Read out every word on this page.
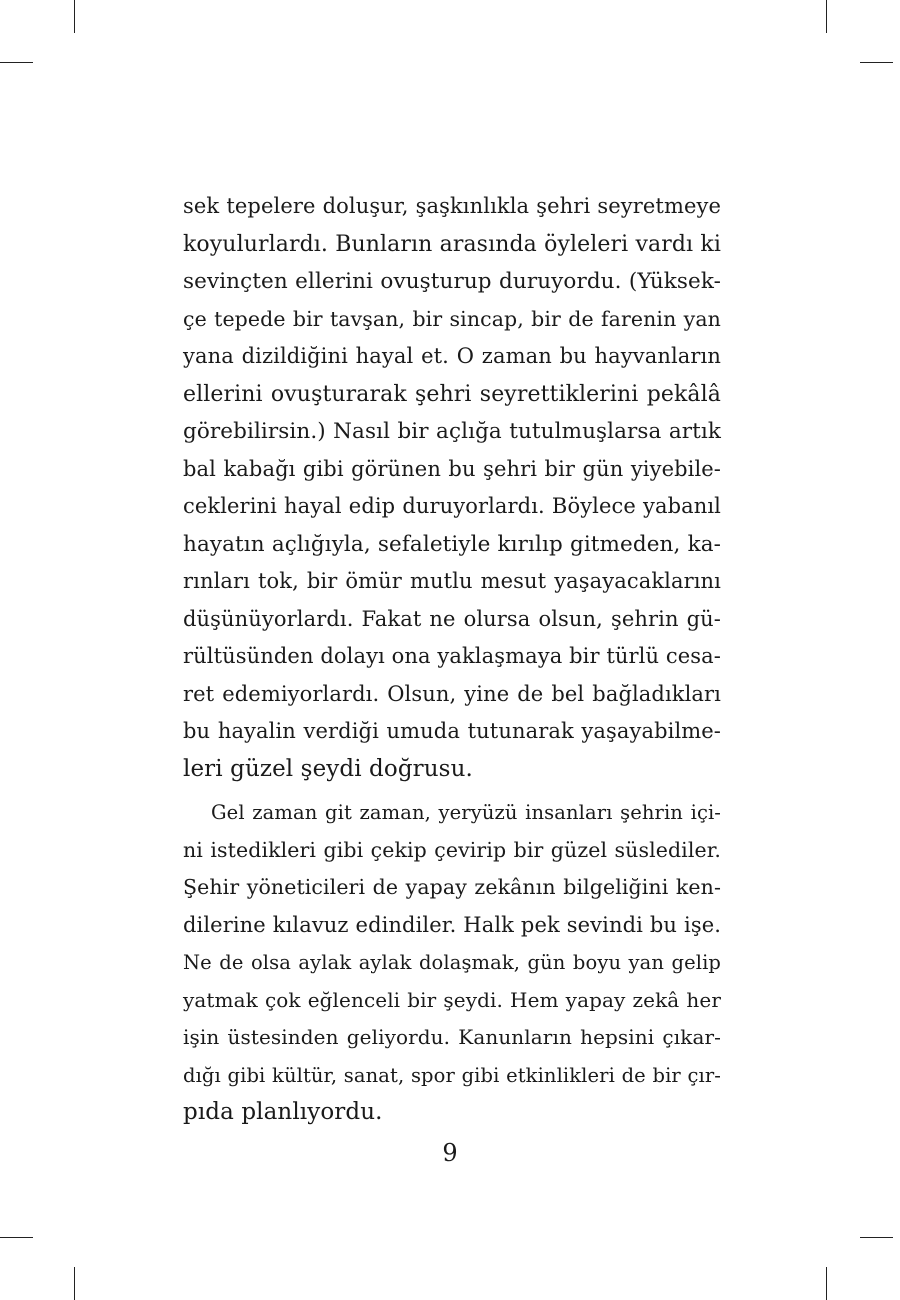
sek tepelere doluşur, şaşkınlıkla şehri seyretmeye
koyulurlardı. Bunların arasında öyleleri vardı ki
sevinçten ellerini ovuşturup duruyordu. (Yüksek-
çe tepede bir tavşan, bir sincap, bir de farenin yan
yana dizildiğini hayal et. O zaman bu hayvanların
ellerini ovuşturarak şehri seyrettiklerini pekâlâ
görebilirsin.) Nasıl bir açlığa tutulmuşlarsa artık
bal kabağı gibi görünen bu şehri bir gün yiyebile-
ceklerini hayal edip duruyorlardı. Böylece yabanıl
hayatın açlığıyla, sefaletiyle kırılıp gitmeden, ka-
rınları tok, bir ömür mutlu mesut yaşayacaklarını
düşünüyorlardı. Fakat ne olursa olsun, şehrin gü-
rültüsünden dolayı ona yaklaşmaya bir türlü cesa-
ret edemiyorlardı. Olsun, yine de bel bağladıkları
bu hayalin verdiği umuda tutunarak yaşayabilme-
leri güzel şeydi doğrusu.
Gel zaman git zaman, yeryüzü insanları şehrin içi-
ni istedikleri gibi çekip çevirip bir güzel süslediler.
Şehir yöneticileri de yapay zekânın bilgeliğini ken-
dilerine kılavuz edindiler. Halk pek sevindi bu işe.
Ne de olsa aylak aylak dolaşmak, gün boyu yan gelip
yatmak çok eğlenceli bir şeydi. Hem yapay zekâ her
işin üstesinden geliyordu. Kanunların hepsini çıkar-
dığı gibi kültür, sanat, spor gibi etkinlikleri de bir çır-
pıda planlıyordu.
9
